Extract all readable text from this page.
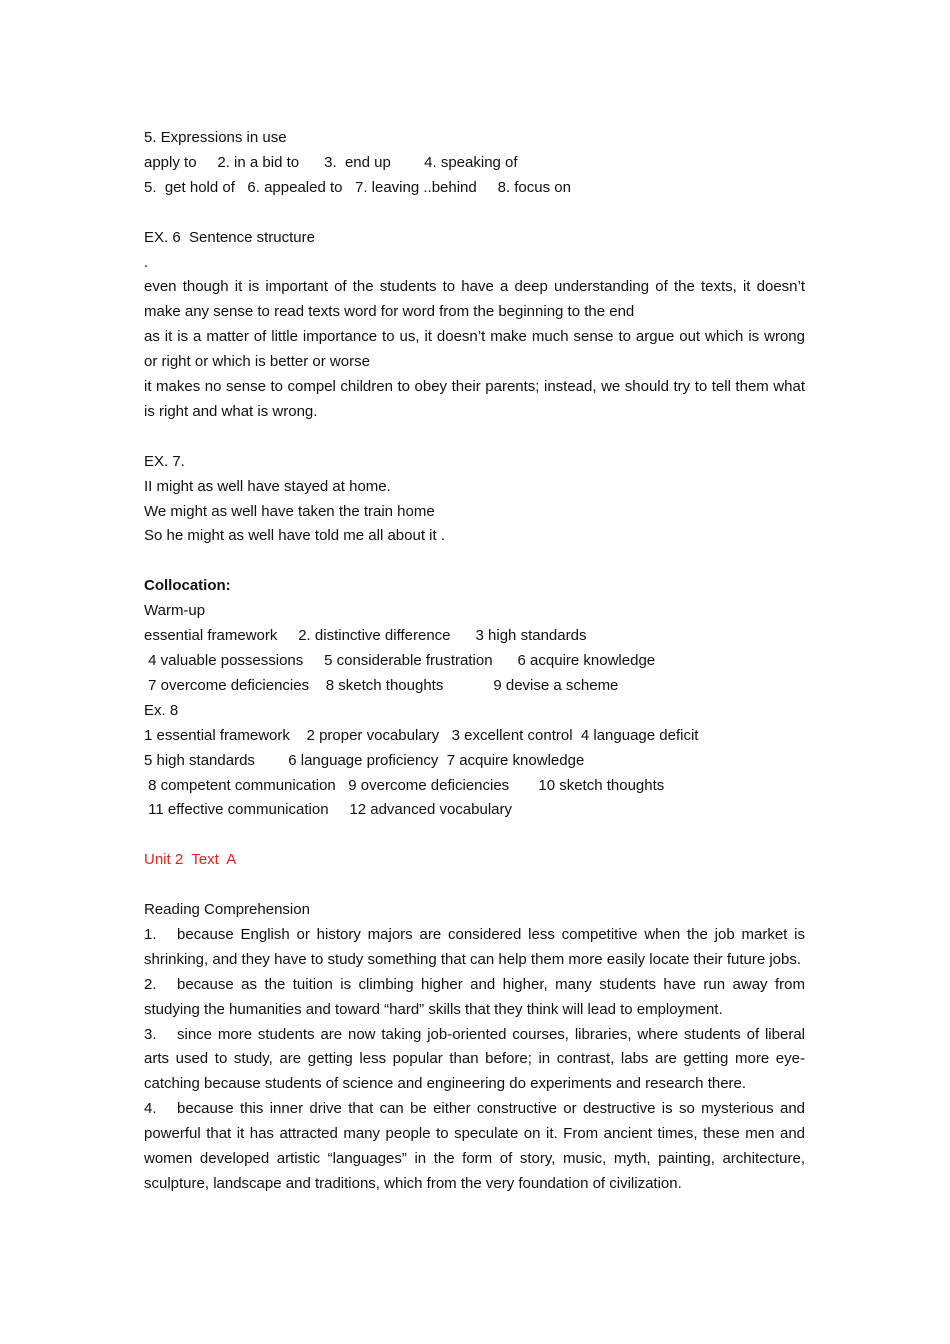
5. Expressions in use
apply to     2. in a bid to      3.  end up        4. speaking of
5.  get hold of   6. appealed to   7. leaving ..behind     8. focus on
EX. 6  Sentence structure
.
even though it is important of the students to have a deep understanding of the texts, it doesn’t make any sense to read texts word for word from the beginning to the end
as it is a matter of little importance to us, it doesn’t make much sense to argue out which is wrong or right or which is better or worse
it makes no sense to compel children to obey their parents; instead, we should try to tell them what is right and what is wrong.
EX. 7.
II might as well have stayed at home.
We might as well have taken the train home
So he might as well have told me all about it .
Collocation:
Warm-up
essential framework     2. distinctive difference      3 high standards
4 valuable possessions     5 considerable frustration      6 acquire knowledge
7 overcome deficiencies    8 sketch thoughts            9 devise a scheme
Ex. 8
1 essential framework    2 proper vocabulary   3 excellent control  4 language deficit
5 high standards        6 language proficiency  7 acquire knowledge
8 competent communication   9 overcome deficiencies       10 sketch thoughts
11 effective communication     12 advanced vocabulary
Unit 2  Text  A
Reading Comprehension
1. because English or history majors are considered less competitive when the job market is shrinking, and they have to study something that can help them more easily locate their future jobs.
2. because as the tuition is climbing higher and higher, many students have run away from studying the humanities and toward “hard” skills that they think will lead to employment.
3. since more students are now taking job-oriented courses, libraries, where students of liberal arts used to study, are getting less popular than before; in contrast, labs are getting more eye-catching because students of science and engineering do experiments and research there.
4. because this inner drive that can be either constructive or destructive is so mysterious and powerful that it has attracted many people to speculate on it. From ancient times, these men and women developed artistic “languages” in the form of story, music, myth, painting, architecture, sculpture, landscape and traditions, which from the very foundation of civilization.
